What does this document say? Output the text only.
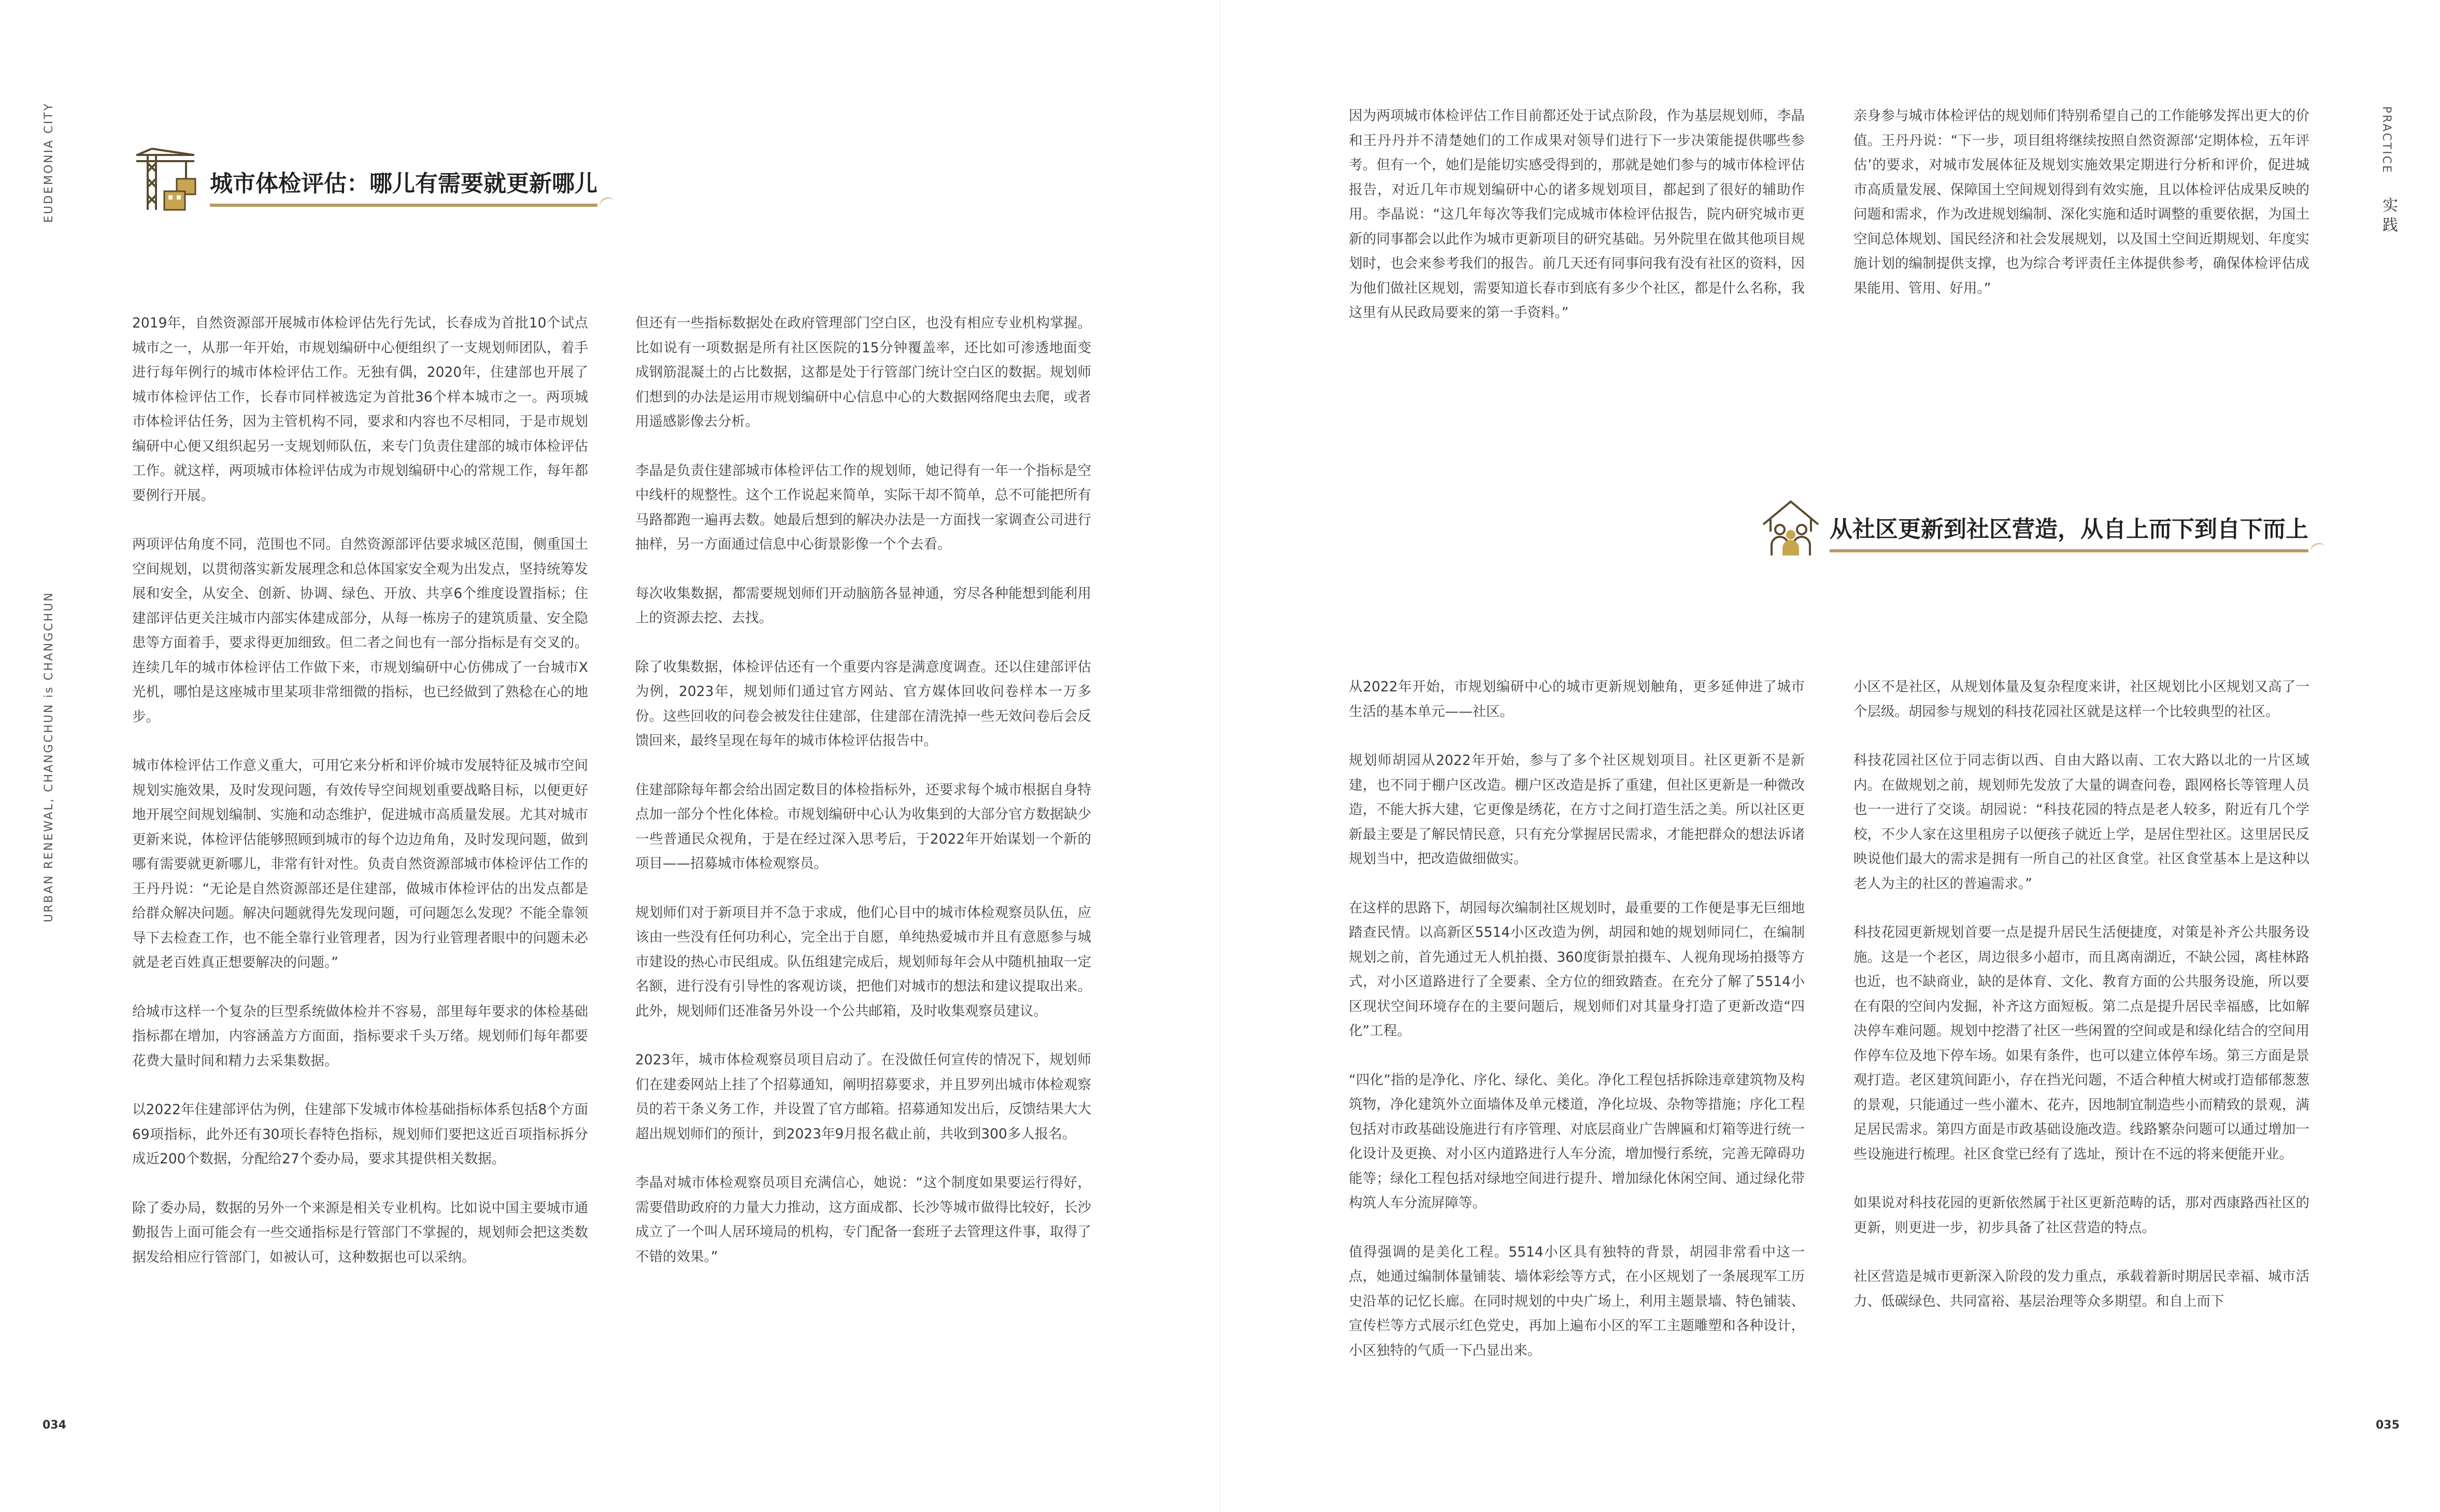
EUDEMONIA CITY
URBAN RENEWAL, CHANGCHUN is CHANGCHUN
城市体检评估：哪儿有需要就更新哪儿

2019年，自然资源部开展城市体检评估先行先试，长春成为首批10个试点城市之一，从那一年开始，市规划编研中心便组织了一支规划师团队，着手进行每年例行的城市体检评估工作。无独有偶，2020年，住建部也开展了城市体检评估工作，长春市同样被选定为首批36个样本城市之一。两项城市体检评估任务，因为主管机构不同，要求和内容也不尽相同，于是市规划编研中心便又组织起另一支规划师队伍，来专门负责住建部的城市体检评估工作。就这样，两项城市体检评估成为市规划编研中心的常规工作，每年都要例行开展。

两项评估角度不同，范围也不同。自然资源部评估要求城区范围，侧重国土空间规划，以贯彻落实新发展理念和总体国家安全观为出发点，坚持统筹发展和安全，从安全、创新、协调、绿色、开放、共享6个维度设置指标；住建部评估更关注城市内部实体建成部分，从每一栋房子的建筑质量、安全隐患等方面着手，要求得更加细致。但二者之间也有一部分指标是有交叉的。连续几年的城市体检评估工作做下来，市规划编研中心仿佛成了一台城市X光机，哪怕是这座城市里某项非常细微的指标，也已经做到了熟稔在心的地步。

城市体检评估工作意义重大，可用它来分析和评价城市发展特征及城市空间规划实施效果，及时发现问题，有效传导空间规划重要战略目标，以便更好地开展空间规划编制、实施和动态维护，促进城市高质量发展。尤其对城市更新来说，体检评估能够照顾到城市的每个边边角角，及时发现问题，做到哪有需要就更新哪儿，非常有针对性。负责自然资源部城市体检评估工作的王丹丹说：“无论是自然资源部还是住建部，做城市体检评估的出发点都是给群众解决问题。解决问题就得先发现问题，可问题怎么发现？不能全靠领导下去检查工作，也不能全靠行业管理者，因为行业管理者眼中的问题未必就是老百姓真正想要解决的问题。”

给城市这样一个复杂的巨型系统做体检并不容易，部里每年要求的体检基础指标都在增加，内容涵盖方方面面，指标要求千头万绪。规划师们每年都要花费大量时间和精力去采集数据。

以2022年住建部评估为例，住建部下发城市体检基础指标体系包括8个方面69项指标，此外还有30项长春特色指标，规划师们要把这近百项指标拆分成近200个数据，分配给27个委办局，要求其提供相关数据。

除了委办局，数据的另外一个来源是相关专业机构。比如说中国主要城市通勤报告上面可能会有一些交通指标是行管部门不掌握的，规划师会把这类数据发给相应行管部门，如被认可，这种数据也可以采纳。

但还有一些指标数据处在政府管理部门空白区，也没有相应专业机构掌握。比如说有一项数据是所有社区医院的15分钟覆盖率，还比如可渗透地面变成钢筋混凝土的占比数据，这都是处于行管部门统计空白区的数据。规划师们想到的办法是运用市规划编研中心信息中心的大数据网络爬虫去爬，或者用遥感影像去分析。

李晶是负责住建部城市体检评估工作的规划师，她记得有一年一个指标是空中线杆的规整性。这个工作说起来简单，实际干却不简单，总不可能把所有马路都跑一遍再去数。她最后想到的解决办法是一方面找一家调查公司进行抽样，另一方面通过信息中心街景影像一个个去看。

每次收集数据，都需要规划师们开动脑筋各显神通，穷尽各种能想到能利用上的资源去挖、去找。

除了收集数据，体检评估还有一个重要内容是满意度调查。还以住建部评估为例，2023年，规划师们通过官方网站、官方媒体回收问卷样本一万多份。这些回收的问卷会被发往住建部，住建部在清洗掉一些无效问卷后会反馈回来，最终呈现在每年的城市体检评估报告中。

住建部除每年都会给出固定数目的体检指标外，还要求每个城市根据自身特点加一部分个性化体检。市规划编研中心认为收集到的大部分官方数据缺少一些普通民众视角，于是在经过深入思考后，于2022年开始谋划一个新的项目——招募城市体检观察员。

规划师们对于新项目并不急于求成，他们心目中的城市体检观察员队伍，应该由一些没有任何功利心，完全出于自愿，单纯热爱城市并且有意愿参与城市建设的热心市民组成。队伍组建完成后，规划师每年会从中随机抽取一定名额，进行没有引导性的客观访谈，把他们对城市的想法和建议提取出来。此外，规划师们还准备另外设一个公共邮箱，及时收集观察员建议。

2023年，城市体检观察员项目启动了。在没做任何宣传的情况下，规划师们在建委网站上挂了个招募通知，阐明招募要求，并且罗列出城市体检观察员的若干条义务工作，并设置了官方邮箱。招募通知发出后，反馈结果大大超出规划师们的预计，到2023年9月报名截止前，共收到300多人报名。

李晶对城市体检观察员项目充满信心，她说：“这个制度如果要运行得好，需要借助政府的力量大力推动，这方面成都、长沙等城市做得比较好，长沙成立了一个叫人居环境局的机构，专门配备一套班子去管理这件事，取得了不错的效果。”

034
PRACTICE
实践

因为两项城市体检评估工作目前都还处于试点阶段，作为基层规划师，李晶和王丹丹并不清楚她们的工作成果对领导们进行下一步决策能提供哪些参考。但有一个，她们是能切实感受得到的，那就是她们参与的城市体检评估报告，对近几年市规划编研中心的诸多规划项目，都起到了很好的辅助作用。李晶说：“这几年每次等我们完成城市体检评估报告，院内研究城市更新的同事都会以此作为城市更新项目的研究基础。另外院里在做其他项目规划时，也会来参考我们的报告。前几天还有同事问我有没有社区的资料，因为他们做社区规划，需要知道长春市到底有多少个社区，都是什么名称，我这里有从民政局要来的第一手资料。”

亲身参与城市体检评估的规划师们特别希望自己的工作能够发挥出更大的价值。王丹丹说：“下一步，项目组将继续按照自然资源部‘定期体检，五年评估’的要求，对城市发展体征及规划实施效果定期进行分析和评价，促进城市高质量发展、保障国土空间规划得到有效实施，且以体检评估成果反映的问题和需求，作为改进规划编制、深化实施和适时调整的重要依据，为国土空间总体规划、国民经济和社会发展规划，以及国土空间近期规划、年度实施计划的编制提供支撑，也为综合考评责任主体提供参考，确保体检评估成果能用、管用、好用。”

从社区更新到社区营造，从自上而下到自下而上

从2022年开始，市规划编研中心的城市更新规划触角，更多延伸进了城市生活的基本单元——社区。

规划师胡园从2022年开始，参与了多个社区规划项目。社区更新不是新建，也不同于棚户区改造。棚户区改造是拆了重建，但社区更新是一种微改造，不能大拆大建，它更像是绣花，在方寸之间打造生活之美。所以社区更新最主要是了解民情民意，只有充分掌握居民需求，才能把群众的想法诉诸规划当中，把改造做细做实。

在这样的思路下，胡园每次编制社区规划时，最重要的工作便是事无巨细地踏查民情。以高新区5514小区改造为例，胡园和她的规划师同仁，在编制规划之前，首先通过无人机拍摄、360度街景拍摄车、人视角现场拍摄等方式，对小区道路进行了全要素、全方位的细致踏查。在充分了解了5514小区现状空间环境存在的主要问题后，规划师们对其量身打造了更新改造“四化”工程。

“四化”指的是净化、序化、绿化、美化。净化工程包括拆除违章建筑物及构筑物，净化建筑外立面墙体及单元楼道，净化垃圾、杂物等措施；序化工程包括对市政基础设施进行有序管理、对底层商业广告牌匾和灯箱等进行统一化设计及更换、对小区内道路进行人车分流，增加慢行系统，完善无障碍功能等；绿化工程包括对绿地空间进行提升、增加绿化休闲空间、通过绿化带构筑人车分流屏障等。

值得强调的是美化工程。5514小区具有独特的背景，胡园非常看中这一点，她通过编制体量铺装、墙体彩绘等方式，在小区规划了一条展现军工历史沿革的记忆长廊。在同时规划的中央广场上，利用主题景墙、特色铺装、宣传栏等方式展示红色党史，再加上遍布小区的军工主题雕塑和各种设计，小区独特的气质一下凸显出来。

小区不是社区，从规划体量及复杂程度来讲，社区规划比小区规划又高了一个层级。胡园参与规划的科技花园社区就是这样一个比较典型的社区。

科技花园社区位于同志街以西、自由大路以南、工农大路以北的一片区域内。在做规划之前，规划师先发放了大量的调查问卷，跟网格长等管理人员也一一进行了交谈。胡园说：“科技花园的特点是老人较多，附近有几个学校，不少人家在这里租房子以便孩子就近上学，是居住型社区。这里居民反映说他们最大的需求是拥有一所自己的社区食堂。社区食堂基本上是这种以老人为主的社区的普遍需求。”

科技花园更新规划首要一点是提升居民生活便捷度，对策是补齐公共服务设施。这是一个老区，周边很多小超市，而且离南湖近，不缺公园，离桂林路也近，也不缺商业，缺的是体育、文化、教育方面的公共服务设施，所以要在有限的空间内发掘，补齐这方面短板。第二点是提升居民幸福感，比如解决停车难问题。规划中挖潜了社区一些闲置的空间或是和绿化结合的空间用作停车位及地下停车场。如果有条件，也可以建立体停车场。第三方面是景观打造。老区建筑间距小，存在挡光问题，不适合种植大树或打造郁郁葱葱的景观，只能通过一些小灌木、花卉，因地制宜制造些小而精致的景观，满足居民需求。第四方面是市政基础设施改造。线路繁杂问题可以通过增加一些设施进行梳理。社区食堂已经有了选址，预计在不远的将来便能开业。

如果说对科技花园的更新依然属于社区更新范畴的话，那对西康路西社区的更新，则更进一步，初步具备了社区营造的特点。

社区营造是城市更新深入阶段的发力重点，承载着新时期居民幸福、城市活力、低碳绿色、共同富裕、基层治理等众多期望。和自上而下

035
